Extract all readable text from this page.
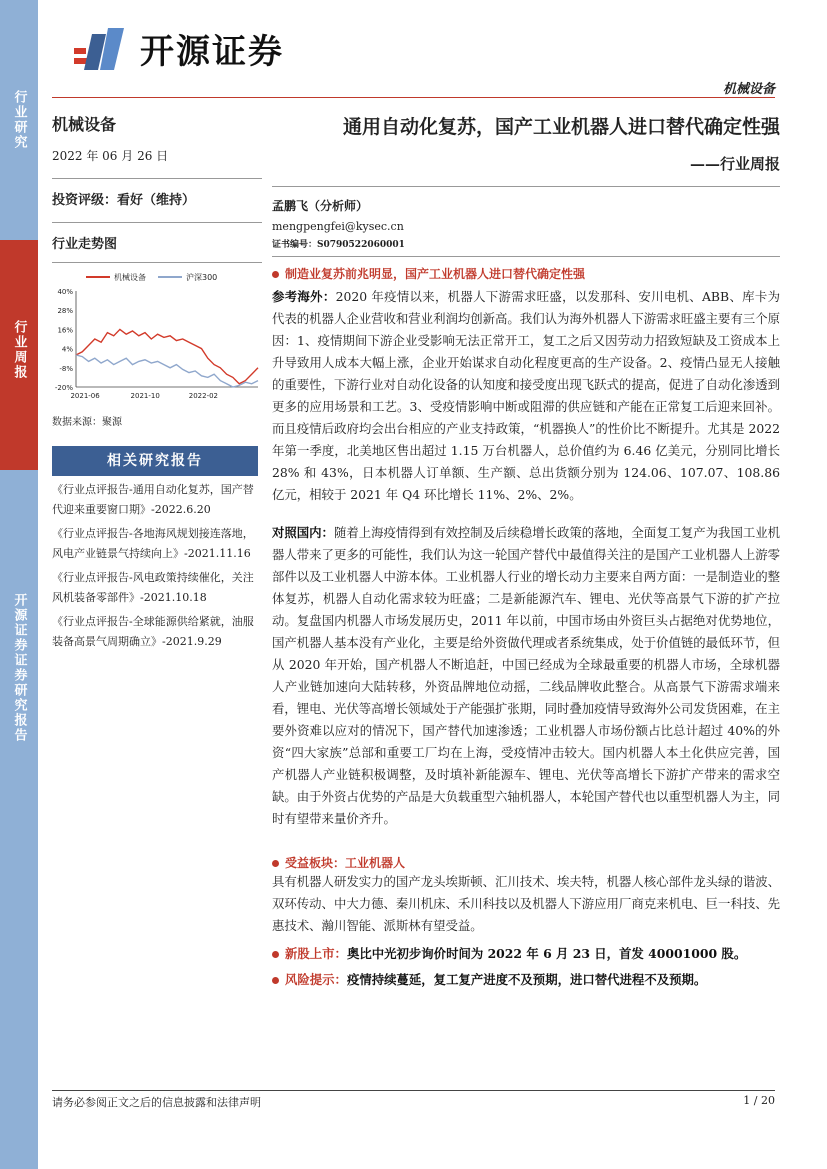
行业研究
行业周报
开源证券证券研究报告
开源证券
机械设备
机械设备
2022 年 06 月 26 日
投资评级：看好（维持）
行业走势图
机械设备	沪深300
40%
28%
16%
4%
-8%
-20%
2021-06	2021-10	2022-02
数据来源：聚源
相关研究报告
《行业点评报告-通用自动化复苏，国产替代迎来重要窗口期》-2022.6.20
《行业点评报告-各地海风规划接连落地，风电产业链景气持续向上》-2021.11.16
《行业点评报告-风电政策持续催化，关注风机装备零部件》-2021.10.18
《行业点评报告-全球能源供给紧就，油服装备高景气周期确立》-2021.9.29
通用自动化复苏，国产工业机器人进口替代确定性强
——行业周报
孟鹏飞（分析师）
mengpengfei@kysec.cn
证书编号：S0790522060001
制造业复苏前兆明显，国产工业机器人进口替代确定性强
参考海外：2020 年疫情以来，机器人下游需求旺盛，以发那科、安川电机、ABB、库卡为代表的机器人企业营收和营业利润均创新高。我们认为海外机器人下游需求旺盛主要有三个原因：1、疫情期间下游企业受影响无法正常开工，复工之后又因劳动力招致短缺及工资成本上升导致用人成本大幅上涨，企业开始谋求自动化程度更高的生产设备。2、疫情凸显无人接触的重要性，下游行业对自动化设备的认知度和接受度出现飞跃式的提高，促进了自动化渗透到更多的应用场景和工艺。3、受疫情影响中断或阻滞的供应链和产能在正常复工后迎来回补。而且疫情后政府均会出台相应的产业支持政策，“机器换人”的性价比不断提升。尤其是 2022 年第一季度，北美地区售出超过 1.15 万台机器人，总价值约为 6.46 亿美元，分别同比增长 28% 和 43%，日本机器人订单额、生产额、总出货额分别为 124.06、107.07、108.86 亿元，相较于 2021 年 Q4 环比增长 11%、2%、2%。
对照国内：随着上海疫情得到有效控制及后续稳增长政策的落地，全面复工复产为我国工业机器人带来了更多的可能性，我们认为这一轮国产替代中最值得关注的是国产工业机器人上游零部件以及工业机器人中游本体。工业机器人行业的增长动力主要来自两方面：一是制造业的整体复苏，机器人自动化需求较为旺盛；二是新能源汽车、锂电、光伏等高景气下游的扩产拉动。复盘国内机器人市场发展历史，2011 年以前，中国市场由外资巨头占据绝对优势地位，国产机器人基本没有产业化，主要是给外资做代理或者系统集成，处于价值链的最低环节，但从 2020 年开始，国产机器人不断追赶，中国已经成为全球最重要的机器人市场，全球机器人产业链加速向大陆转移，外资品牌地位动摇，二线品牌收此整合。从高景气下游需求端来看，锂电、光伏等高增长领域处于产能强扩张期，同时叠加疫情导致海外公司发货困难，在主要外资难以应对的情况下，国产替代加速渗透；工业机器人市场份额占比总计超过 40%的外资“四大家族”总部和重要工厂均在上海，受疫情冲击较大。国内机器人本土化供应完善，国产机器人产业链积极调整，及时填补新能源车、锂电、光伏等高增长下游扩产带来的需求空缺。由于外资占优势的产品是大负载重型六轴机器人，本轮国产替代也以重型机器人为主，同时有望带来量价齐升。
受益板块：工业机器人
具有机器人研发实力的国产龙头埃斯顿、汇川技术、埃夫特，机器人核心部件龙头绿的谐波、双环传动、中大力德、秦川机床、禾川科技以及机器人下游应用厂商克来机电、巨一科技、先惠技术、瀚川智能、派斯林有望受益。
新股上市：奥比中光初步询价时间为 2022 年 6 月 23 日，首发 40001000 股。
风险提示：疫情持续蔓延，复工复产进度不及预期，进口替代进程不及预期。
请务必参阅正文之后的信息披露和法律声明	1 / 20
